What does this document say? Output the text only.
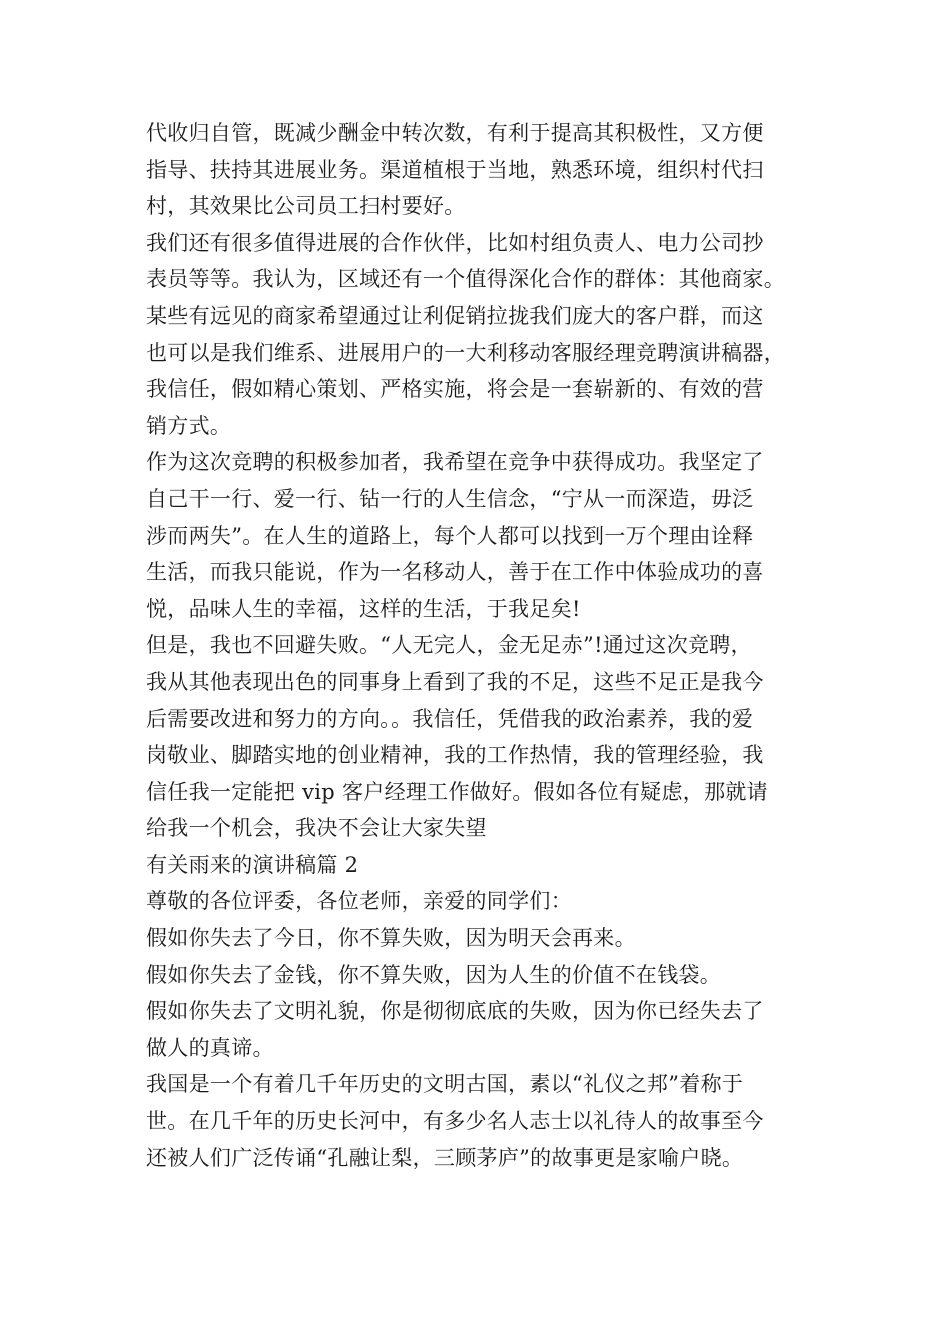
代收归自管，既减少酬金中转次数，有利于提高其积极性，又方便
指导、扶持其进展业务。渠道植根于当地，熟悉环境，组织村代扫
村，其效果比公司员工扫村要好。

我们还有很多值得进展的合作伙伴，比如村组负责人、电力公司抄
表员等等。我认为，区域还有一个值得深化合作的群体：其他商家。
某些有远见的商家希望通过让利促销拉拢我们庞大的客户群，而这
也可以是我们维系、进展用户的一大利移动客服经理竞聘演讲稿器，
我信任，假如精心策划、严格实施，将会是一套崭新的、有效的营
销方式。

作为这次竞聘的积极参加者，我希望在竞争中获得成功。我坚定了
自己干一行、爱一行、钻一行的人生信念，“宁从一而深造，毋泛
涉而两失”。在人生的道路上，每个人都可以找到一万个理由诠释
生活，而我只能说，作为一名移动人，善于在工作中体验成功的喜
悦，品味人生的幸福，这样的生活，于我足矣!

但是，我也不回避失败。“人无完人，金无足赤”!通过这次竞聘，
我从其他表现出色的同事身上看到了我的不足，这些不足正是我今
后需要改进和努力的方向。。我信任，凭借我的政治素养，我的爱
岗敬业、脚踏实地的创业精神，我的工作热情，我的管理经验，我
信任我一定能把 vip 客户经理工作做好。假如各位有疑虑，那就请
给我一个机会，我决不会让大家失望

有关雨来的演讲稿篇 2

尊敬的各位评委，各位老师，亲爱的同学们：

假如你失去了今日，你不算失败，因为明天会再来。

假如你失去了金钱，你不算失败，因为人生的价值不在钱袋。

假如你失去了文明礼貌，你是彻彻底底的失败，因为你已经失去了
做人的真谛。

我国是一个有着几千年历史的文明古国，素以“礼仪之邦”着称于
世。在几千年的历史长河中，有多少名人志士以礼待人的故事至今
还被人们广泛传诵“孔融让梨，三顾茅庐”的故事更是家喻户晓。
